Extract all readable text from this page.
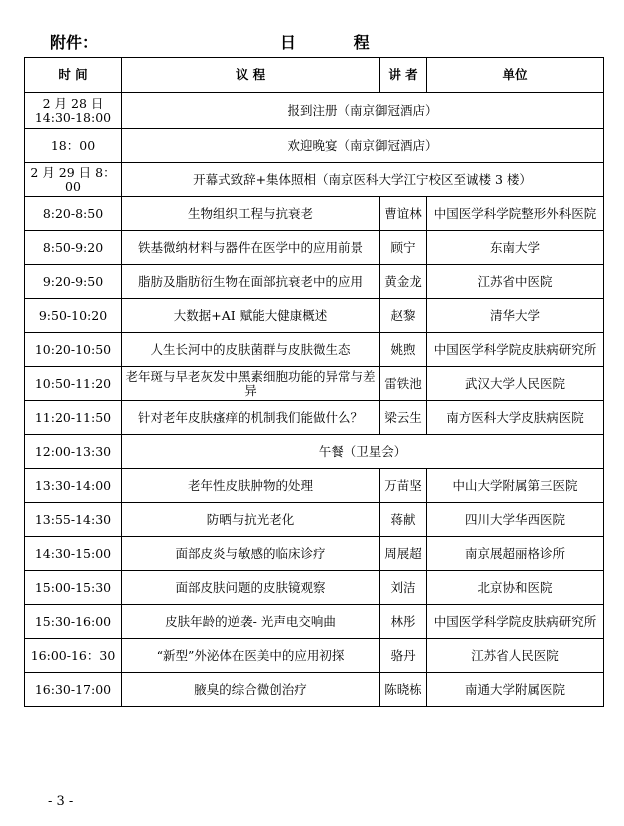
附件：	日 程
时 间	议 程	讲 者	单位
2 月 28 日
14:30-18:00	报到注册（南京御冠酒店）		
18：00	欢迎晚宴（南京御冠酒店）		
2 月 29 日 8：00	开幕式致辞+集体照相（南京医科大学江宁校区至诚楼 3 楼）		
8:20-8:50	生物组织工程与抗衰老	曹谊林	中国医学科学院整形外科医院
8:50-9:20	铁基微纳材料与器件在医学中的应用前景	顾宁	东南大学
9:20-9:50	脂肪及脂肪衍生物在面部抗衰老中的应用	黄金龙	江苏省中医院
9:50-10:20	大数据+AI 赋能大健康概述	赵黎	清华大学
10:20-10:50	人生长河中的皮肤菌群与皮肤微生态	姚煦	中国医学科学院皮肤病研究所
10:50-11:20	老年斑与早老灰发中黑素细胞功能的异常与差异	雷铁池	武汉大学人民医院
11:20-11:50	针对老年皮肤瘙痒的机制我们能做什么？	梁云生	南方医科大学皮肤病医院
12:00-13:30	午餐（卫星会）		
13:30-14:00	老年性皮肤肿物的处理	万苗坚	中山大学附属第三医院
13:55-14:30	防晒与抗光老化	蒋献	四川大学华西医院
14:30-15:00	面部皮炎与敏感的临床诊疗	周展超	南京展超丽格诊所
15:00-15:30	面部皮肤问题的皮肤镜观察	刘洁	北京协和医院
15:30-16:00	皮肤年龄的逆袭- 光声电交响曲	林彤	中国医学科学院皮肤病研究所
16:00-16：30	“新型”外泌体在医美中的应用初探	骆丹	江苏省人民医院
16:30-17:00	腋臭的综合微创治疗	陈晓栋	南通大学附属医院
- 3 -
